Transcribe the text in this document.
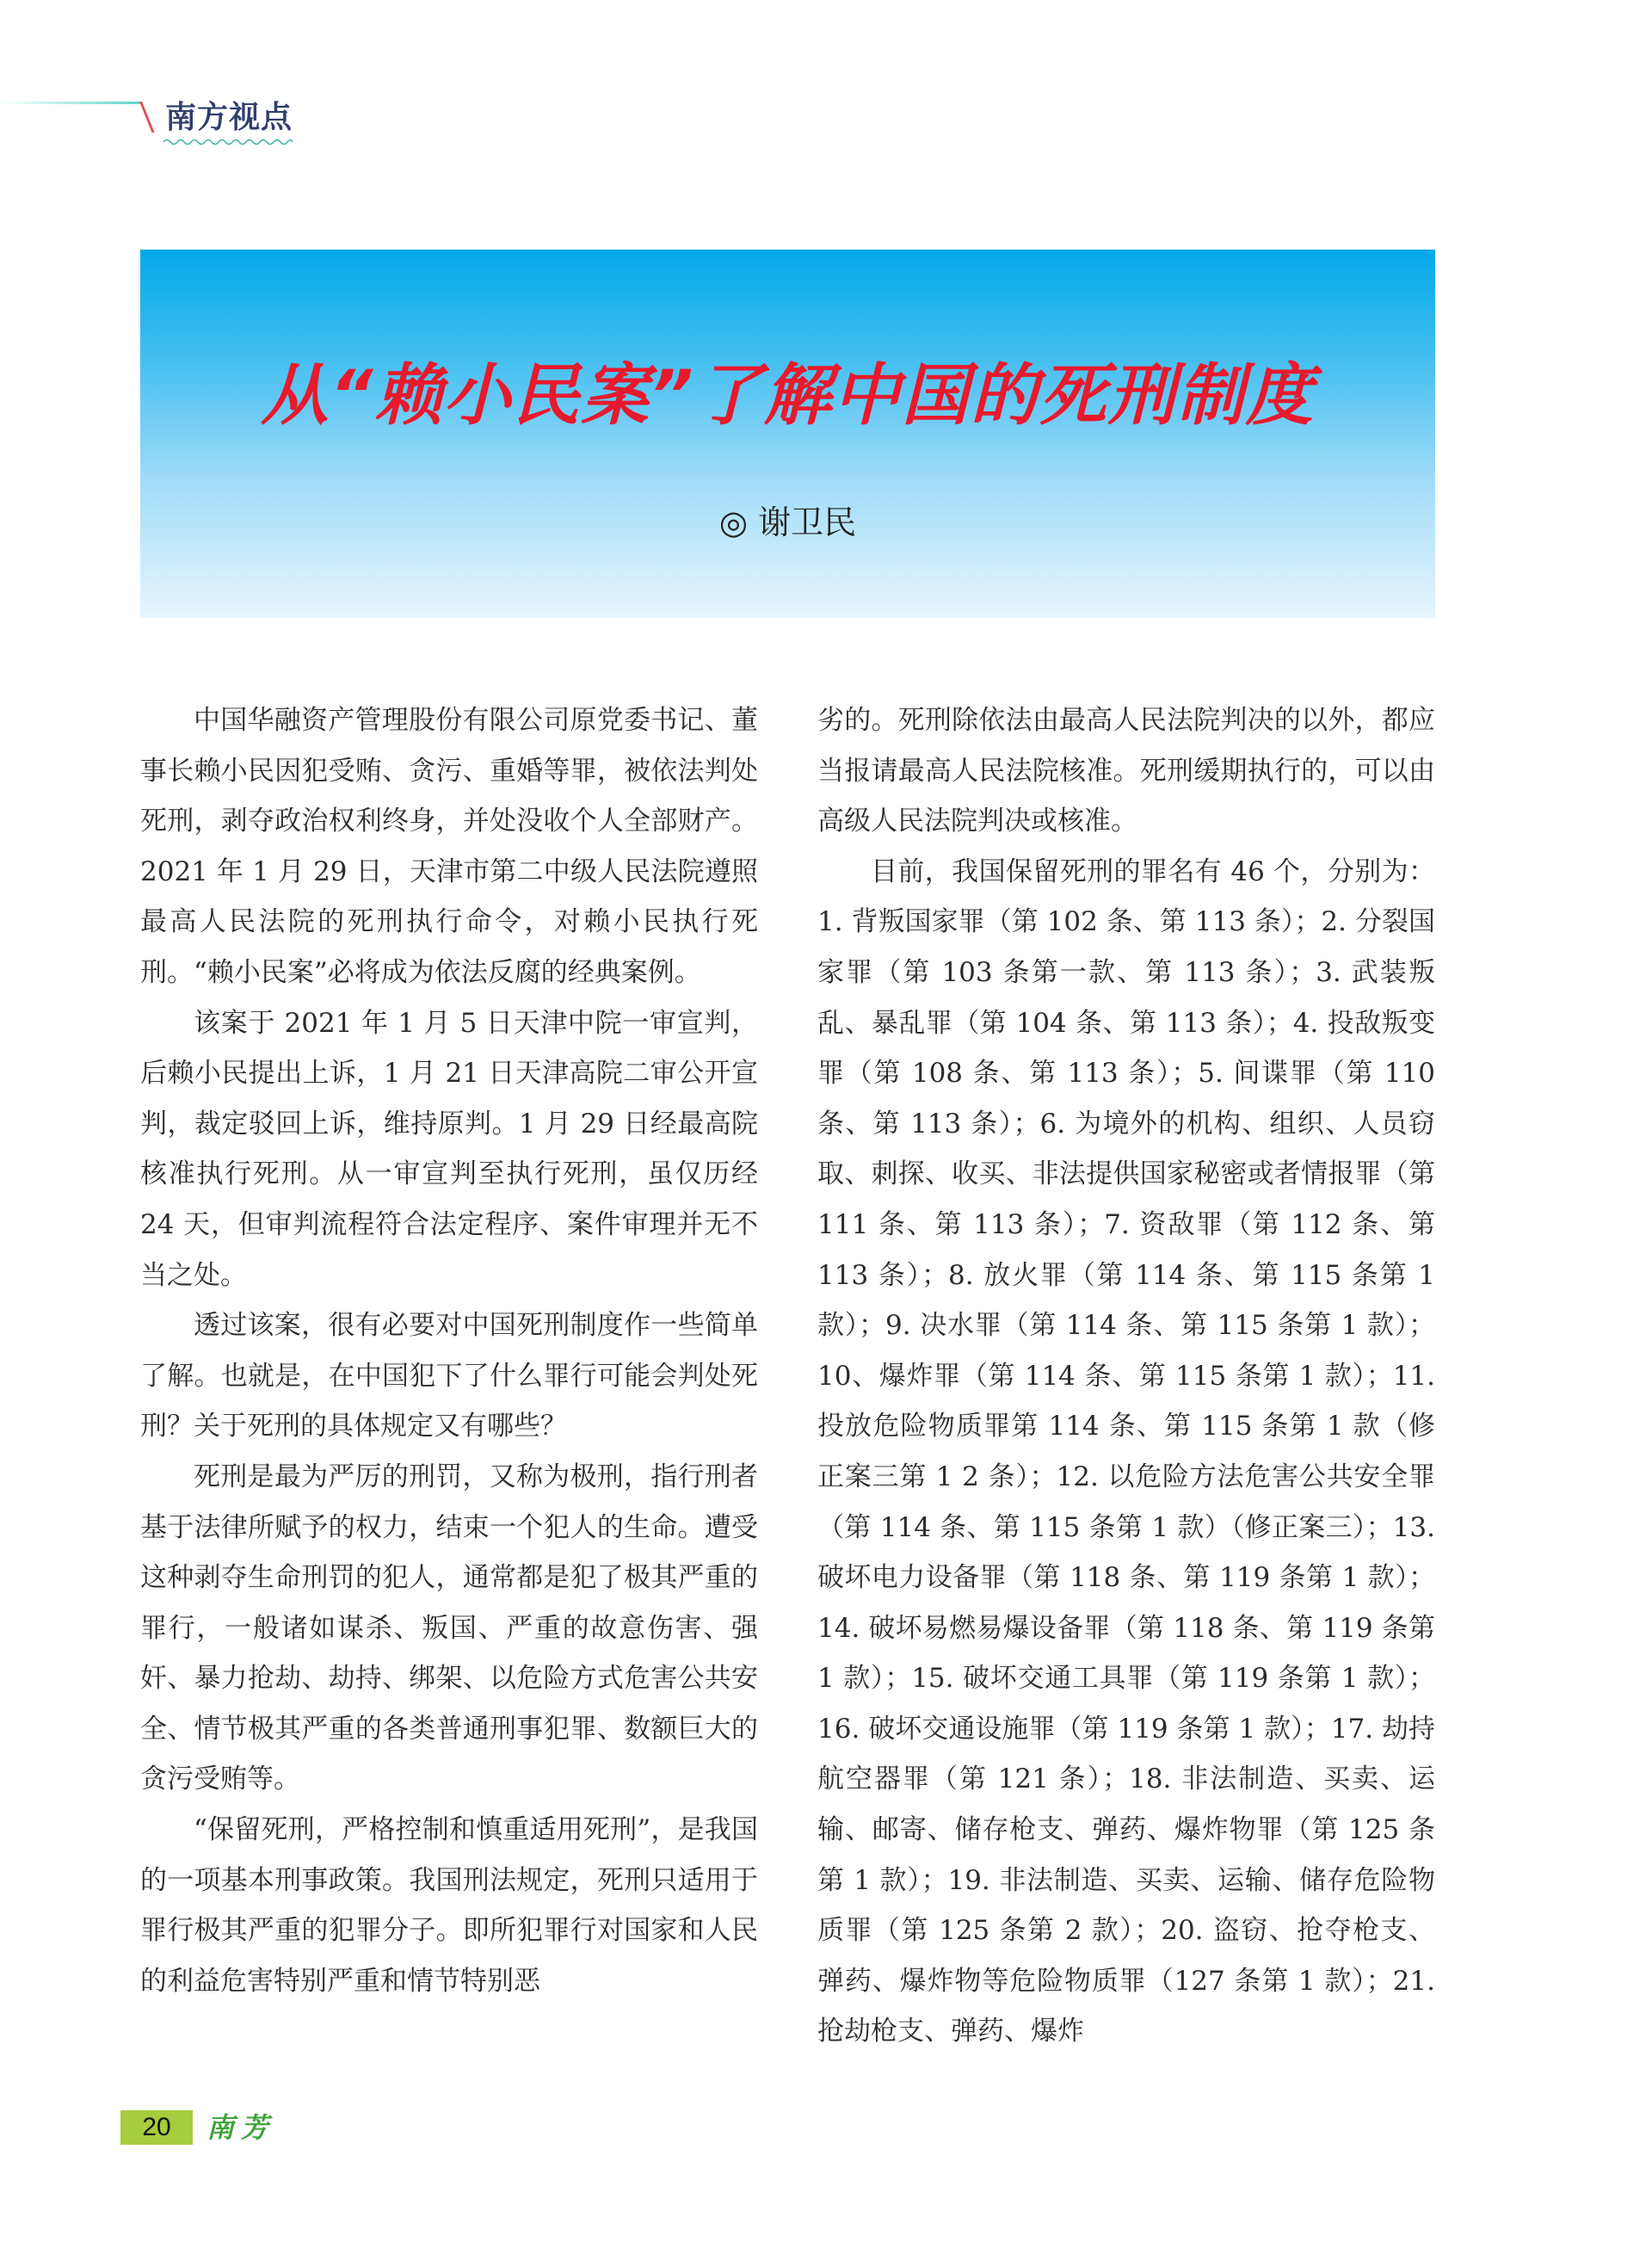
南方视点
从“赖小民案”了解中国的死刑制度
◎ 谢卫民

中国华融资产管理股份有限公司原党委书记、董事长赖小民因犯受贿、贪污、重婚等罪，被依法判处死刑，剥夺政治权利终身，并处没收个人全部财产。2021 年 1 月 29 日，天津市第二中级人民法院遵照最高人民法院的死刑执行命令，对赖小民执行死刑。“赖小民案”必将成为依法反腐的经典案例。

该案于 2021 年 1 月 5 日天津中院一审宣判，后赖小民提出上诉，1 月 21 日天津高院二审公开宣判，裁定驳回上诉，维持原判。1 月 29 日经最高院核准执行死刑。从一审宣判至执行死刑，虽仅历经 24 天，但审判流程符合法定程序、案件审理并无不当之处。

透过该案，很有必要对中国死刑制度作一些简单了解。也就是，在中国犯下了什么罪行可能会判处死刑？关于死刑的具体规定又有哪些？

死刑是最为严厉的刑罚，又称为极刑，指行刑者基于法律所赋予的权力，结束一个犯人的生命。遭受这种剥夺生命刑罚的犯人，通常都是犯了极其严重的罪行，一般诸如谋杀、叛国、严重的故意伤害、强奸、暴力抢劫、劫持、绑架、以危险方式危害公共安全、情节极其严重的各类普通刑事犯罪、数额巨大的贪污受贿等。

“保留死刑，严格控制和慎重适用死刑”，是我国的一项基本刑事政策。我国刑法规定，死刑只适用于罪行极其严重的犯罪分子。即所犯罪行对国家和人民的利益危害特别严重和情节特别恶

劣的。死刑除依法由最高人民法院判决的以外，都应当报请最高人民法院核准。死刑缓期执行的，可以由高级人民法院判决或核准。

目前，我国保留死刑的罪名有 46 个，分别为：1. 背叛国家罪（第 102 条、第 113 条）；2. 分裂国家罪（第 103 条第一款、第 113 条）；3. 武装叛乱、暴乱罪（第 104 条、第 113 条）；4. 投敌叛变罪（第 108 条、第 113 条）；5. 间谍罪（第 110 条、第 113 条）；6. 为境外的机构、组织、人员窃取、刺探、收买、非法提供国家秘密或者情报罪（第 111 条、第 113 条）；7. 资敌罪（第 112 条、第 113 条）；8. 放火罪（第 114 条、第 115 条第 1 款）；9. 决水罪（第 114 条、第 115 条第 1 款）；10、爆炸罪（第 114 条、第 115 条第 1 款）；11. 投放危险物质罪第 114 条、第 115 条第 1 款（修正案三第 1 2 条）；12. 以危险方法危害公共安全罪（第 114 条、第 115 条第 1 款）（修正案三）；13. 破坏电力设备罪（第 118 条、第 119 条第 1 款）；14. 破坏易燃易爆设备罪（第 118 条、第 119 条第 1 款）；15. 破坏交通工具罪（第 119 条第 1 款）；16. 破坏交通设施罪（第 119 条第 1 款）；17. 劫持航空器罪（第 121 条）；18. 非法制造、买卖、运输、邮寄、储存枪支、弹药、爆炸物罪（第 125 条第 1 款）；19. 非法制造、买卖、运输、储存危险物质罪（第 125 条第 2 款）；20. 盗窃、抢夺枪支、弹药、爆炸物等危险物质罪（127 条第 1 款）；21. 抢劫枪支、弹药、爆炸

20	南芳
